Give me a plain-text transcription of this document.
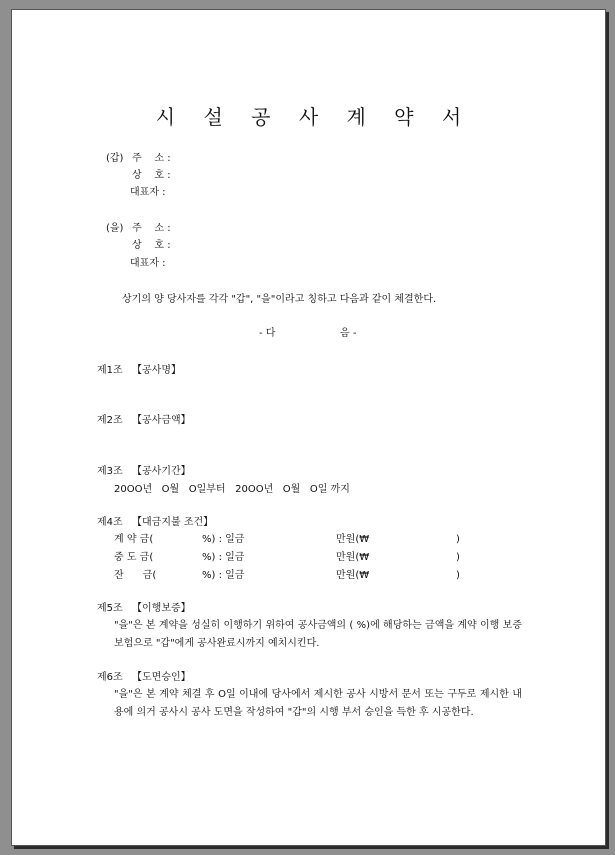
시 설 공 사 계 약 서
(갑) 주    소 :
상    호 :
대표자 :
(을) 주    소 :
상    호 :
대표자 :
상기의 양 당사자를 각각 "갑", "을"이라고 칭하고 다음과 같이 체결한다.
- 다	음 -
제1조 【공사명】
제2조 【공사금액】
제3조 【공사기간】
20OO년   O월   O일부터   20OO년   O월   O일 까지
제4조 【대금지불 조건】
계 약 금(	%) : 일금	만원(₩	)
중 도 금(	%) : 일금	만원(₩	)
잔      금(	%) : 일금	만원(₩	)
제5조 【이행보증】
"을"은 본 계약을 성실히 이행하기 위하여 공사금액의 ( %)에 해당하는 금액을 계약 이행 보증보험으로 "갑"에게 공사완료시까지 예치시킨다.
제6조 【도면승인】
"을"은 본 계약 체결 후 O일 이내에 당사에서 제시한 공사 시방서 문서 또는 구두로 제시한 내용에 의거 공사시 공사 도면을 작성하여 "갑"의 시행 부서 승인을 득한 후 시공한다.
